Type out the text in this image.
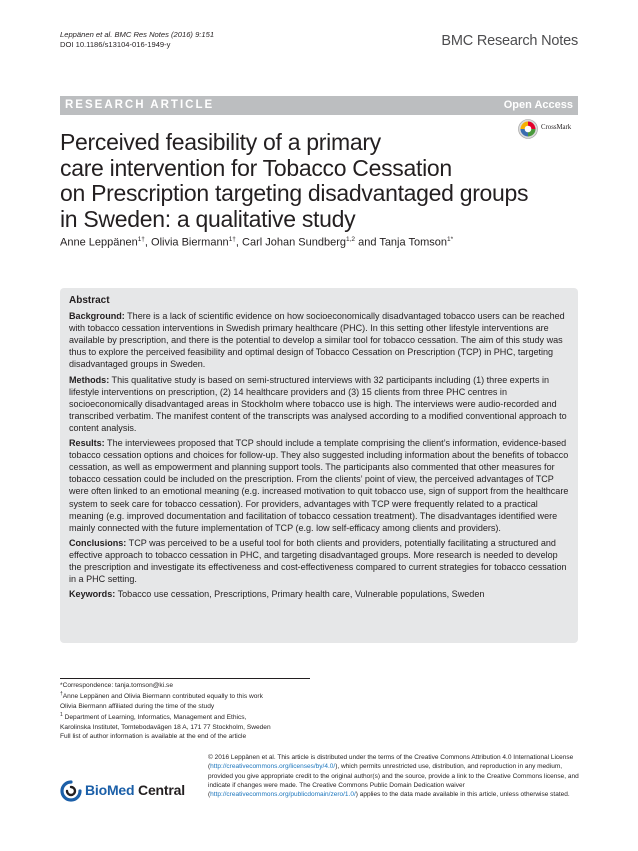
Leppänen et al. BMC Res Notes (2016) 9:151
DOI 10.1186/s13104-016-1949-y	BMC Research Notes
RESEARCH ARTICLE	Open Access
CrossMark
Perceived feasibility of a primary
care intervention for Tobacco Cessation
on Prescription targeting disadvantaged groups
in Sweden: a qualitative study
Anne Leppänen$^{1\dagger}$, Olivia Biermann$^{1\dagger}$, Carl Johan Sundberg$^{1,2}$ and Tanja Tomson$^{1*}$
Abstract

Background: There is a lack of scientific evidence on how socioeconomically disadvantaged tobacco users can be reached with tobacco cessation interventions in Swedish primary healthcare (PHC). In this setting other lifestyle interventions are available by prescription, and there is the potential to develop a similar tool for tobacco cessation. The aim of this study was thus to explore the perceived feasibility and optimal design of Tobacco Cessation on Prescription (TCP) in PHC, targeting disadvantaged groups in Sweden.

Methods: This qualitative study is based on semi-structured interviews with 32 participants including (1) three experts in lifestyle interventions on prescription, (2) 14 healthcare providers and (3) 15 clients from three PHC centres in socioeconomically disadvantaged areas in Stockholm where tobacco use is high. The interviews were audio-recorded and transcribed verbatim. The manifest content of the transcripts was analysed according to a modified conventional approach to content analysis.

Results: The interviewees proposed that TCP should include a template comprising the client’s information, evidence-based tobacco cessation options and choices for follow-up. They also suggested including information about the benefits of tobacco cessation, as well as empowerment and planning support tools. The participants also commented that other measures for tobacco cessation could be included on the prescription. From the clients’ point of view, the perceived advantages of TCP were often linked to an emotional meaning (e.g. increased motivation to quit tobacco use, sign of support from the healthcare system to seek care for tobacco cessation). For providers, advantages with TCP were frequently related to a practical meaning (e.g. improved documentation and facilitation of tobacco cessation treatment). The disadvantages identified were mainly connected with the future implementation of TCP (e.g. low self-efficacy among clients and providers).

Conclusions: TCP was perceived to be a useful tool for both clients and providers, potentially facilitating a structured and effective approach to tobacco cessation in PHC, and targeting disadvantaged groups. More research is needed to develop the prescription and investigate its effectiveness and cost-effectiveness compared to current strategies for tobacco cessation in a PHC setting.

Keywords: Tobacco use cessation, Prescriptions, Primary health care, Vulnerable populations, Sweden

*Correspondence: tanja.tomson@ki.se
†Anne Leppänen and Olivia Biermann contributed equally to this work
Olivia Biermann affiliated during the time of the study
$^1$ Department of Learning, Informatics, Management and Ethics,
Karolinska Institutet, Tomtebodavägen 18 A, 171 77 Stockholm, Sweden
Full list of author information is available at the end of the article
BioMed Central
© 2016 Leppänen et al. This article is distributed under the terms of the Creative Commons Attribution 4.0 International License (http://creativecommons.org/licenses/by/4.0/), which permits unrestricted use, distribution, and reproduction in any medium, provided you give appropriate credit to the original author(s) and the source, provide a link to the Creative Commons license, and indicate if changes were made. The Creative Commons Public Domain Dedication waiver (http://creativecommons.org/publicdomain/zero/1.0/) applies to the data made available in this article, unless otherwise stated.
